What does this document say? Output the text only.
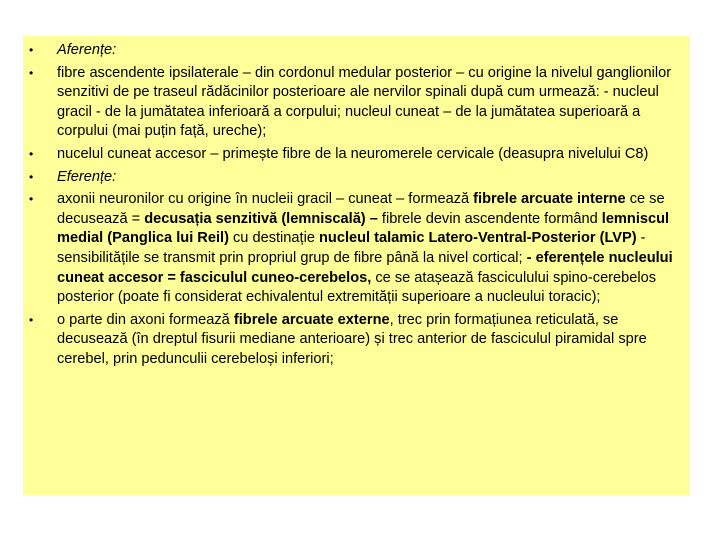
• Aferențe:
• fibre ascendente ipsilaterale – din cordonul medular posterior – cu origine la nivelul ganglionilor senzitivi de pe traseul rădăcinilor posterioare ale nervilor spinali după cum urmează: - nucleul gracil - de la jumătatea inferioară a corpului; nucleul cuneat – de la jumătatea superioară a corpului (mai puțin față, ureche);
• nucelul cuneat accesor – primește fibre de la neuromerele cervicale (deasupra nivelului C8)
• Eferențe:
• axonii neuronilor cu origine în nucleii gracil – cuneat – formează fibrele arcuate interne ce se decusează = decusația senzitivă (lemniscală) – fibrele devin ascendente formând lemniscul medial (Panglica lui Reil) cu destinație nucleul talamic Latero-Ventral-Posterior (LVP) - sensibilitățile se transmit prin propriul grup de fibre până la nivel cortical; - eferențele nucleului cuneat accesor = fasciculul cuneo-cerebelos, ce se atașează fasciculului spino-cerebelos posterior (poate fi considerat echivalentul extremității superioare a nucleului toracic);
• o parte din axoni formează fibrele arcuate externe, trec prin formațiunea reticulată, se decusează (în dreptul fisurii mediane anterioare) și trec anterior de fasciculul piramidal spre cerebel, prin pedunculii cerebeloși inferiori;
